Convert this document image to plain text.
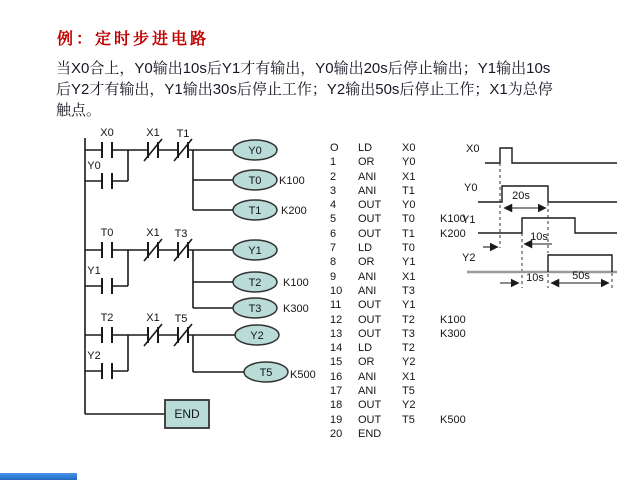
例：定时步进电路
当X0合上，Y0输出10s后Y1才有输出，Y0输出20s后停止输出；Y1输出10s
后Y2才有输出，Y1输出30s后停止工作；Y2输出50s后停止工作；X1为总停
触点。
X0	X1 T1
Y0
T0	X1 T3
Y1
T2	X1 T5
Y2
Y0
T0
T1
K100
K200
Y1
T2
T3
K100
K300
Y2
T5 K500
END
O	LD	X0
1	OR	Y0
2	ANI	X1
3	ANI	T1
4	OUT	Y0
5	OUT	T0	K100
6	OUT	T1	K200
7	LD	T0
8	OR	Y1
9	ANI	X1
10	ANI	T3
11	OUT	Y1
12	OUT	T2	K100
13	OUT	T3	K300
14	LD	T2
15	OR	Y2
16	ANI	X1
17	ANI	T5
18	OUT	Y2
19	OUT	T5	K500
20	END
X0
Y0
Y1
Y2
20s
10s
10s	50s
